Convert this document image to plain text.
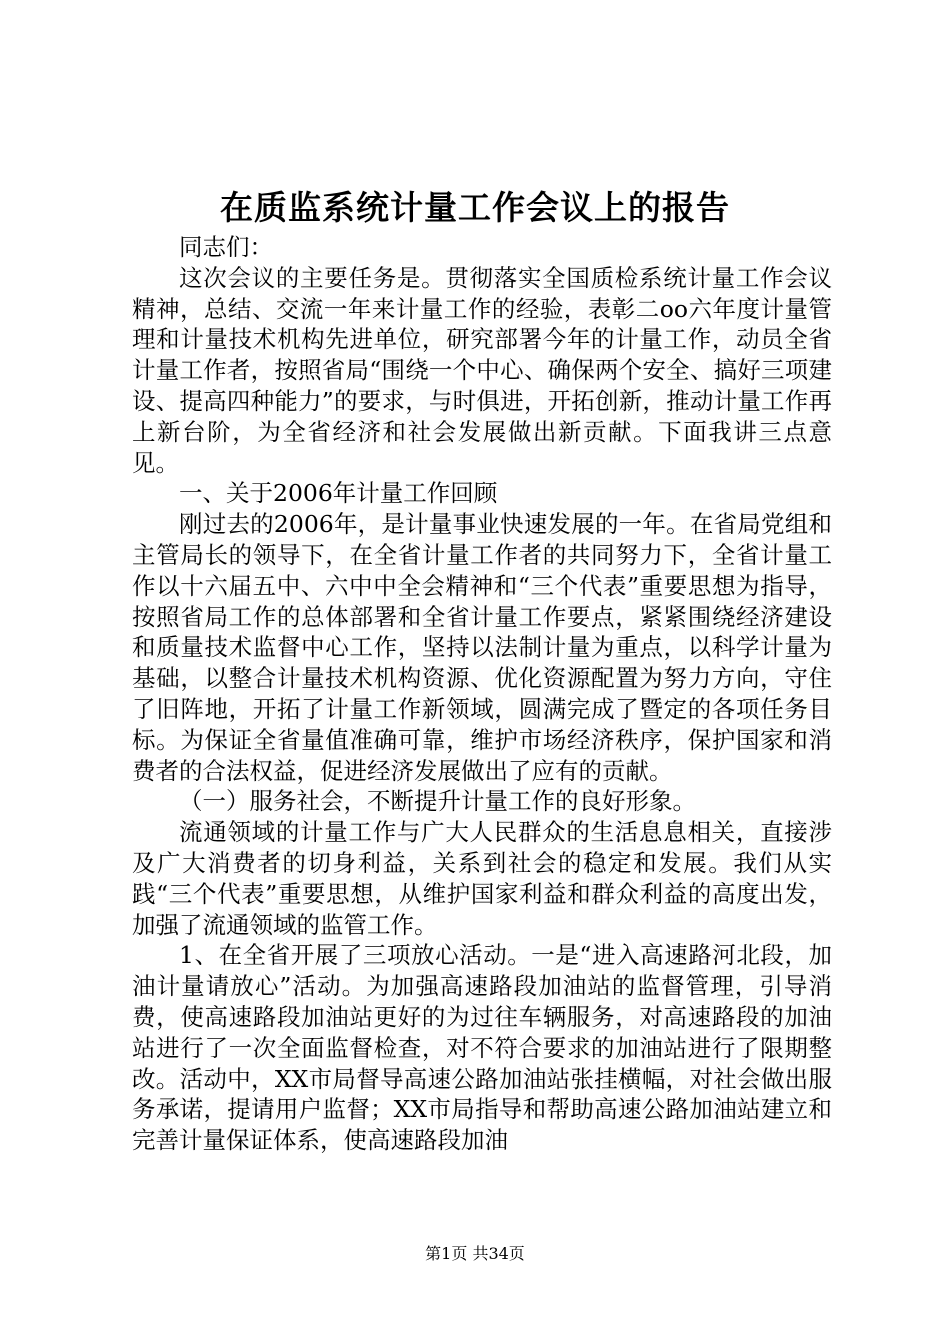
在质监系统计量工作会议上的报告

同志们：

这次会议的主要任务是。贯彻落实全国质检系统计量工作会议精神，总结、交流一年来计量工作的经验，表彰二oo六年度计量管理和计量技术机构先进单位，研究部署今年的计量工作，动员全省计量工作者，按照省局“围绕一个中心、确保两个安全、搞好三项建设、提高四种能力”的要求，与时俱进，开拓创新，推动计量工作再上新台阶，为全省经济和社会发展做出新贡献。下面我讲三点意见。

一、关于2006年计量工作回顾

刚过去的2006年，是计量事业快速发展的一年。在省局党组和主管局长的领导下，在全省计量工作者的共同努力下，全省计量工作以十六届五中、六中中全会精神和“三个代表”重要思想为指导，按照省局工作的总体部署和全省计量工作要点，紧紧围绕经济建设和质量技术监督中心工作，坚持以法制计量为重点，以科学计量为基础，以整合计量技术机构资源、优化资源配置为努力方向，守住了旧阵地，开拓了计量工作新领域，圆满完成了暨定的各项任务目标。为保证全省量值准确可靠，维护市场经济秩序，保护国家和消费者的合法权益，促进经济发展做出了应有的贡献。

（一）服务社会，不断提升计量工作的良好形象。

流通领域的计量工作与广大人民群众的生活息息相关，直接涉及广大消费者的切身利益，关系到社会的稳定和发展。我们从实践“三个代表”重要思想，从维护国家利益和群众利益的高度出发，加强了流通领域的监管工作。

1、在全省开展了三项放心活动。一是“进入高速路河北段，加油计量请放心”活动。为加强高速路段加油站的监督管理，引导消费，使高速路段加油站更好的为过往车辆服务，对高速路段的加油站进行了一次全面监督检查，对不符合要求的加油站进行了限期整改。活动中，XX市局督导高速公路加油站张挂横幅，对社会做出服务承诺，提请用户监督；XX市局指导和帮助高速公路加油站建立和完善计量保证体系，使高速路段加油

第1页 共34页
